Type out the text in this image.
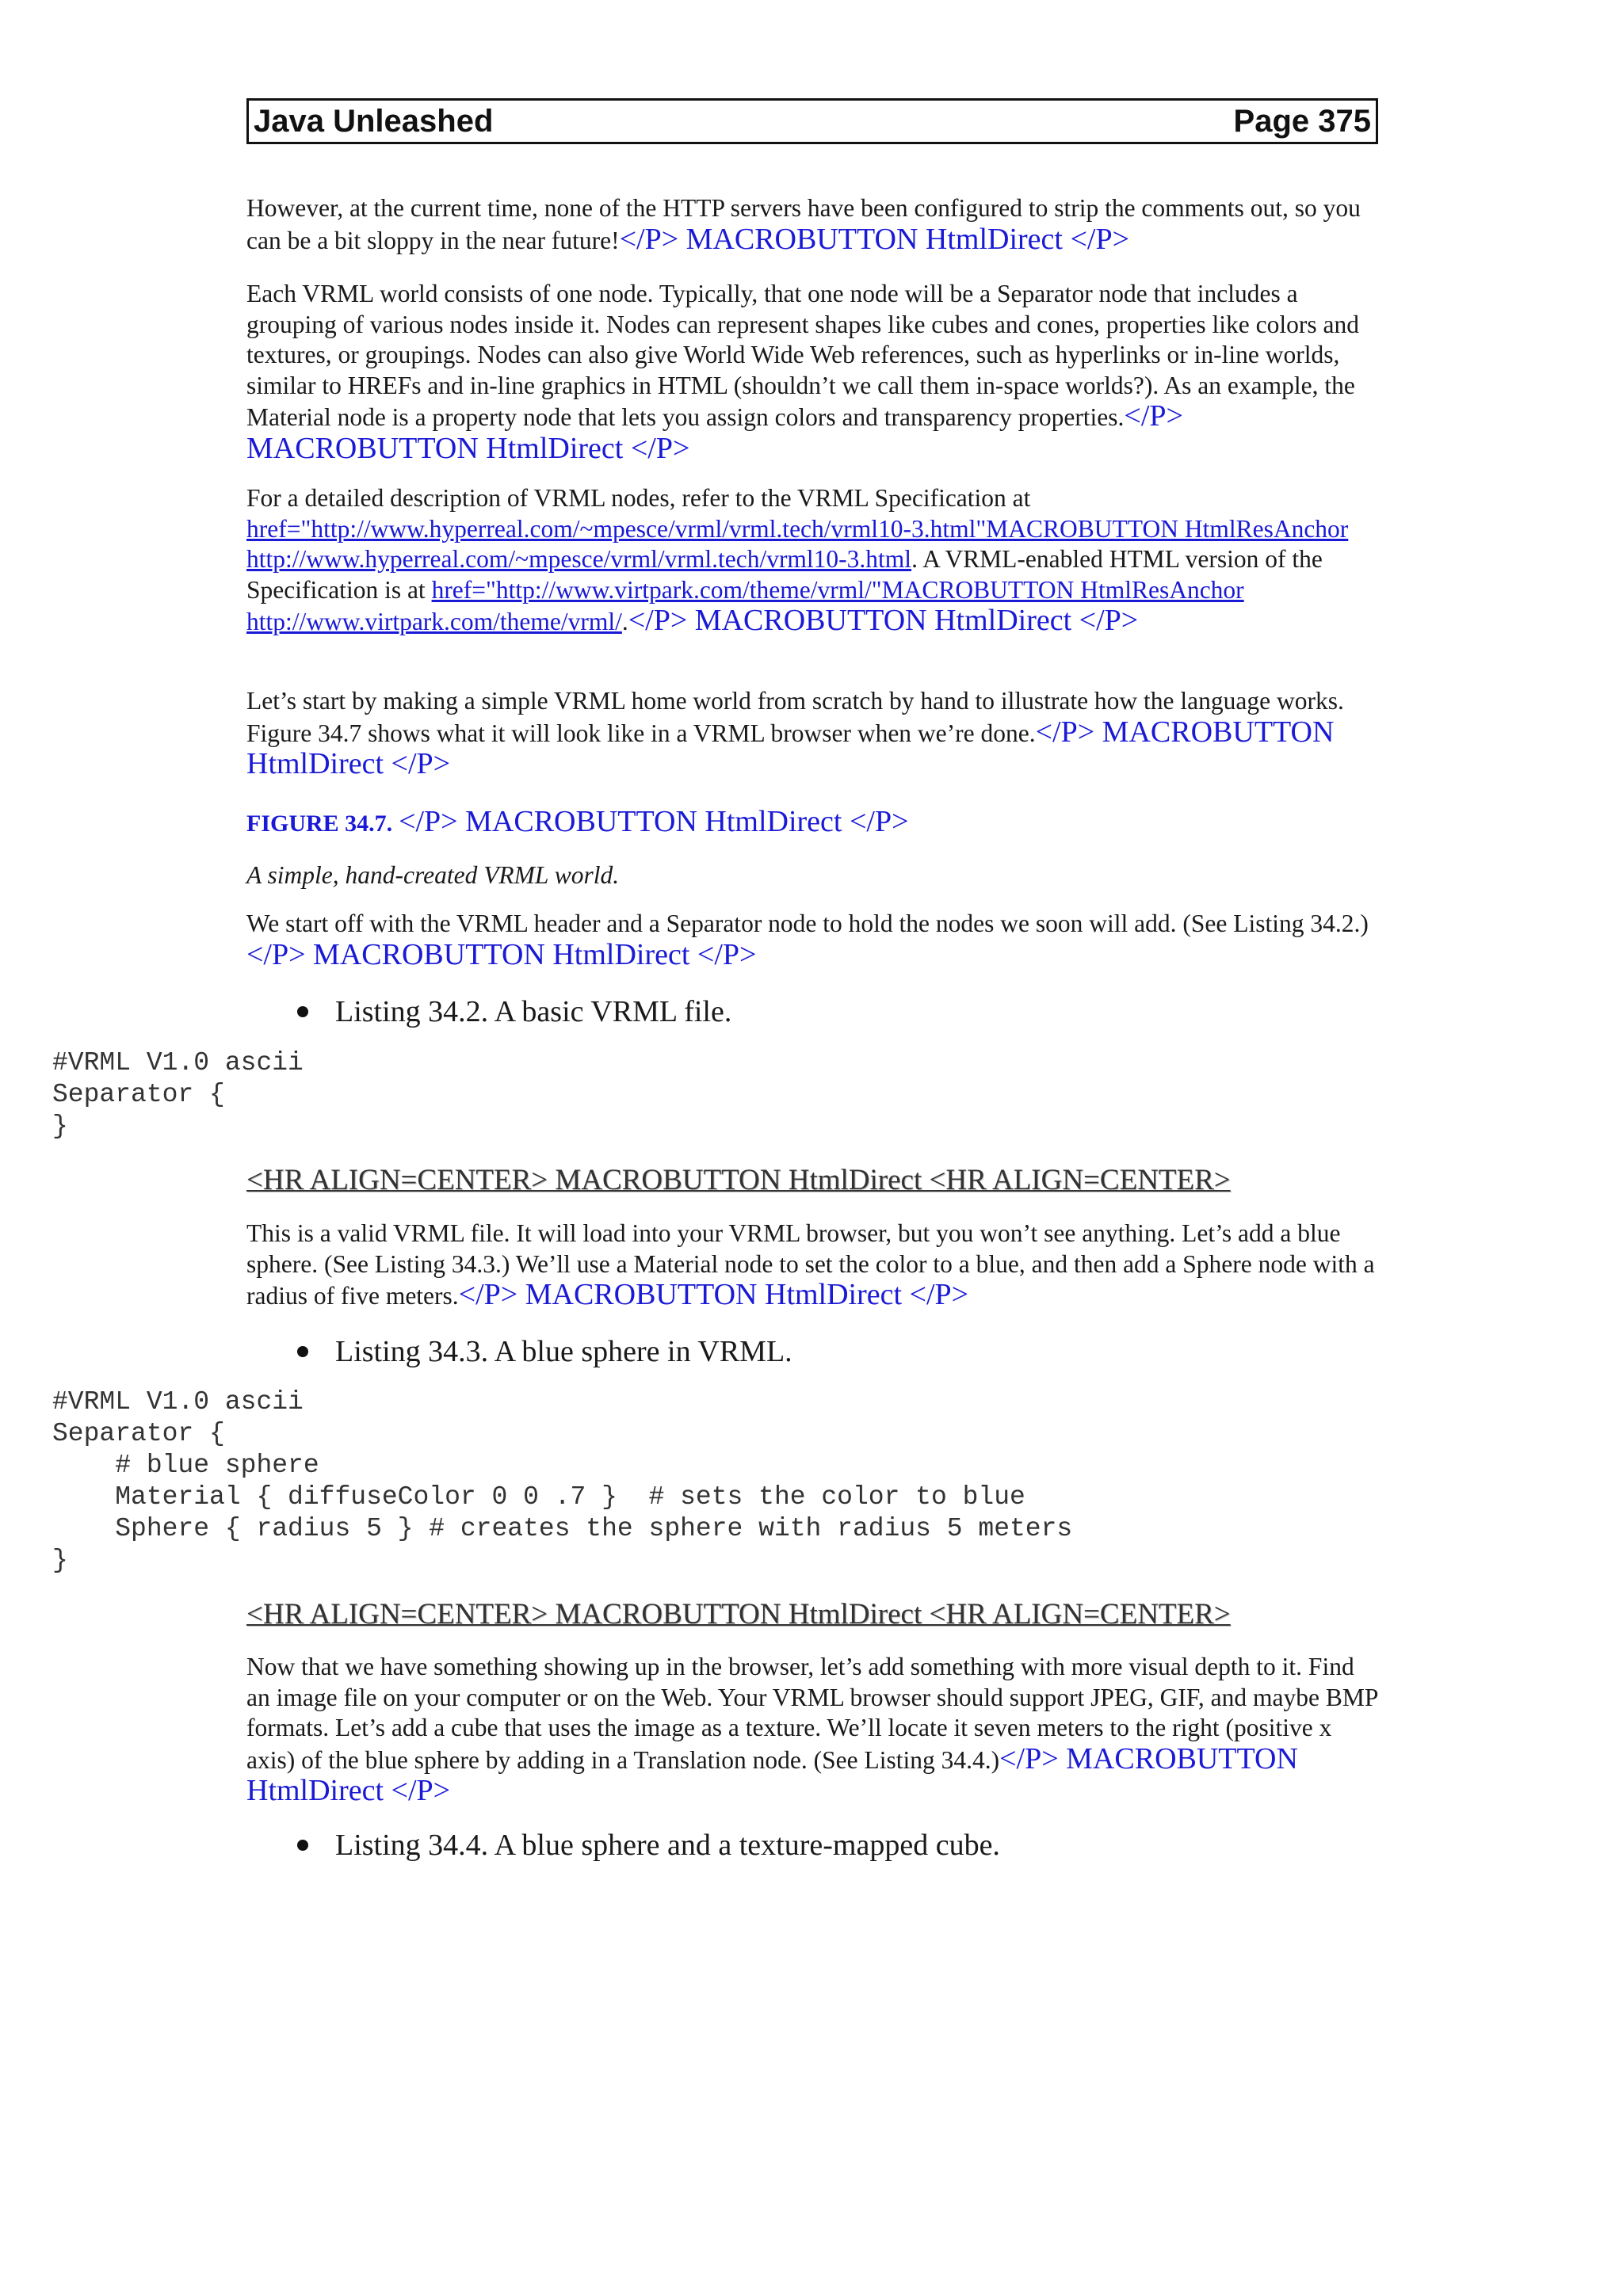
Java Unleashed	Page 375

However, at the current time, none of the HTTP servers have been configured to strip the comments out, so you can be a bit sloppy in the near future!</P> MACROBUTTON HtmlDirect </P>

Each VRML world consists of one node. Typically, that one node will be a Separator node that includes a grouping of various nodes inside it. Nodes can represent shapes like cubes and cones, properties like colors and textures, or groupings. Nodes can also give World Wide Web references, such as hyperlinks or in-line worlds, similar to HREFs and in-line graphics in HTML (shouldn’t we call them in-space worlds?). As an example, the Material node is a property node that lets you assign colors and transparency properties.</P> MACROBUTTON HtmlDirect </P>

For a detailed description of VRML nodes, refer to the VRML Specification at href="http://www.hyperreal.com/~mpesce/vrml/vrml.tech/vrml10-3.html"MACROBUTTON HtmlResAnchor http://www.hyperreal.com/~mpesce/vrml/vrml.tech/vrml10-3.html. A VRML-enabled HTML version of the Specification is at href="http://www.virtpark.com/theme/vrml/"MACROBUTTON HtmlResAnchor http://www.virtpark.com/theme/vrml/.</P> MACROBUTTON HtmlDirect </P>

Let’s start by making a simple VRML home world from scratch by hand to illustrate how the language works. Figure 34.7 shows what it will look like in a VRML browser when we’re done.</P> MACROBUTTON HtmlDirect </P>

FIGURE 34.7. </P> MACROBUTTON HtmlDirect </P>

A simple, hand-created VRML world.

We start off with the VRML header and a Separator node to hold the nodes we soon will add. (See Listing 34.2.)</P> MACROBUTTON HtmlDirect </P>

Listing 34.2. A basic VRML file.
#VRML V1.0 ascii
Separator {
}
<HR ALIGN=CENTER> MACROBUTTON HtmlDirect <HR ALIGN=CENTER>

This is a valid VRML file. It will load into your VRML browser, but you won’t see anything. Let’s add a blue sphere. (See Listing 34.3.) We’ll use a Material node to set the color to a blue, and then add a Sphere node with a radius of five meters.</P> MACROBUTTON HtmlDirect </P>

Listing 34.3. A blue sphere in VRML.
#VRML V1.0 ascii
Separator {
# blue sphere
Material { diffuseColor 0 0 .7 }  # sets the color to blue
Sphere { radius 5 } # creates the sphere with radius 5 meters
}
<HR ALIGN=CENTER> MACROBUTTON HtmlDirect <HR ALIGN=CENTER>

Now that we have something showing up in the browser, let’s add something with more visual depth to it. Find an image file on your computer or on the Web. Your VRML browser should support JPEG, GIF, and maybe BMP formats. Let’s add a cube that uses the image as a texture. We’ll locate it seven meters to the right (positive x axis) of the blue sphere by adding in a Translation node. (See Listing 34.4.)</P> MACROBUTTON HtmlDirect </P>

Listing 34.4. A blue sphere and a texture-mapped cube.
